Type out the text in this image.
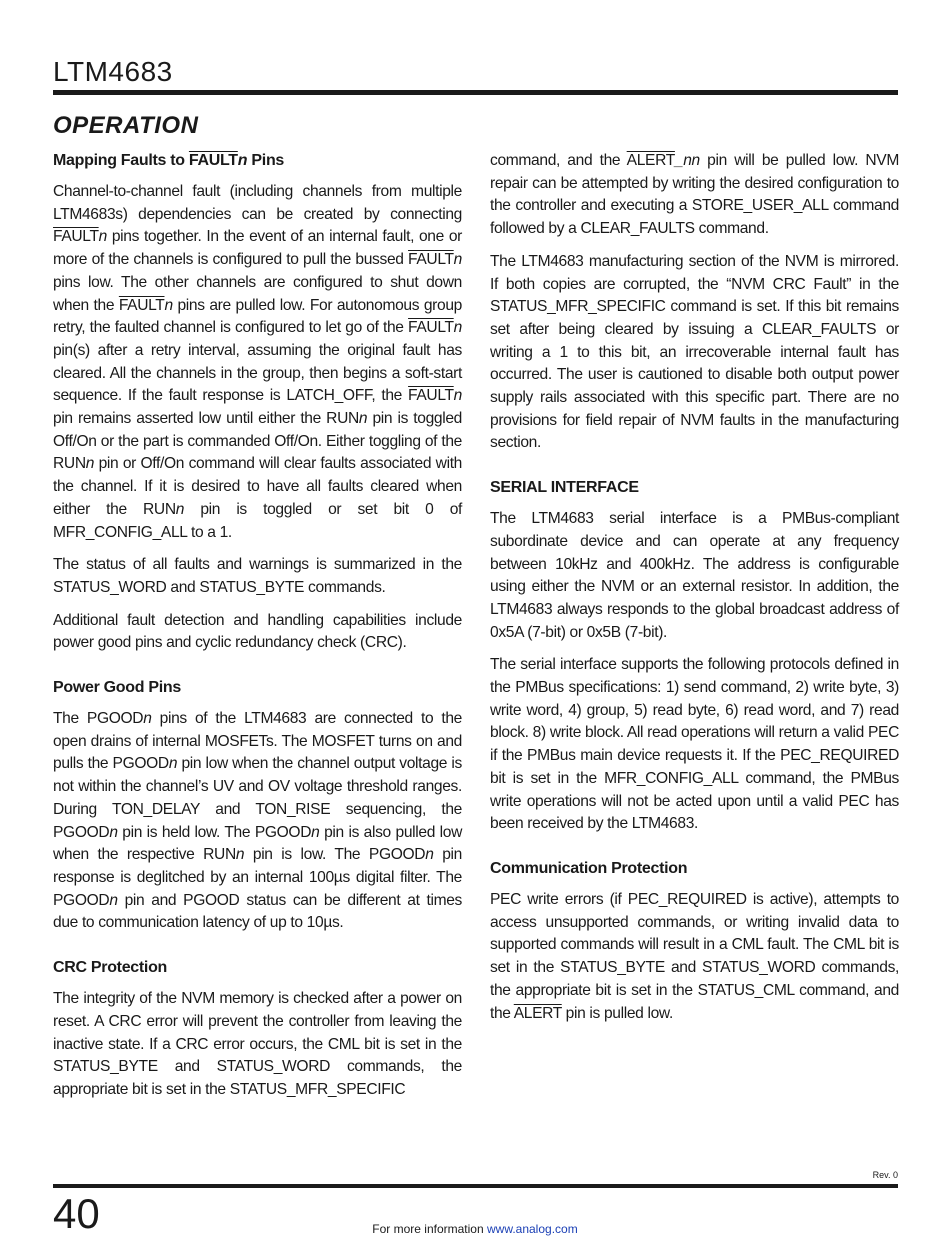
LTM4683
OPERATION
Mapping Faults to FAULTn Pins

Channel-to-channel fault (including channels from multiple LTM4683s) dependencies can be created by connecting FAULTn pins together. In the event of an internal fault, one or more of the channels is configured to pull the bussed FAULTn pins low. The other channels are configured to shut down when the FAULTn pins are pulled low. For autonomous group retry, the faulted channel is configured to let go of the FAULTn pin(s) after a retry interval, assuming the original fault has cleared. All the channels in the group, then begins a soft-start sequence. If the fault response is LATCH_OFF, the FAULTn pin remains asserted low until either the RUNn pin is toggled Off/On or the part is commanded Off/On. Either toggling of the RUNn pin or Off/On command will clear faults associated with the channel. If it is desired to have all faults cleared when either the RUNn pin is toggled or set bit 0 of MFR_CONFIG_ALL to a 1.

The status of all faults and warnings is summarized in the STATUS_WORD and STATUS_BYTE commands.

Additional fault detection and handling capabilities include power good pins and cyclic redundancy check (CRC).

Power Good Pins

The PGOODn pins of the LTM4683 are connected to the open drains of internal MOSFETs. The MOSFET turns on and pulls the PGOODn pin low when the channel output voltage is not within the channel’s UV and OV voltage threshold ranges. During TON_DELAY and TON_RISE sequencing, the PGOODn pin is held low. The PGOODn pin is also pulled low when the respective RUNn pin is low. The PGOODn pin response is deglitched by an internal 100µs digital filter. The PGOODn pin and PGOOD status can be different at times due to communication latency of up to 10µs.

CRC Protection

The integrity of the NVM memory is checked after a power on reset. A CRC error will prevent the controller from leaving the inactive state. If a CRC error occurs, the CML bit is set in the STATUS_BYTE and STATUS_WORD commands, the appropriate bit is set in the STATUS_MFR_SPECIFIC

command, and the ALERT_nn pin will be pulled low. NVM repair can be attempted by writing the desired configuration to the controller and executing a STORE_USER_ALL command followed by a CLEAR_FAULTS command.

The LTM4683 manufacturing section of the NVM is mirrored. If both copies are corrupted, the “NVM CRC Fault” in the STATUS_MFR_SPECIFIC command is set. If this bit remains set after being cleared by issuing a CLEAR_FAULTS or writing a 1 to this bit, an irrecoverable internal fault has occurred. The user is cautioned to disable both output power supply rails associated with this specific part. There are no provisions for field repair of NVM faults in the manufacturing section.

SERIAL INTERFACE

The LTM4683 serial interface is a PMBus-compliant subordinate device and can operate at any frequency between 10kHz and 400kHz. The address is configurable using either the NVM or an external resistor. In addition, the LTM4683 always responds to the global broadcast address of 0x5A (7-bit) or 0x5B (7-bit).

The serial interface supports the following protocols defined in the PMBus specifications: 1) send command, 2) write byte, 3) write word, 4) group, 5) read byte, 6) read word, and 7) read block. 8) write block. All read operations will return a valid PEC if the PMBus main device requests it. If the PEC_REQUIRED bit is set in the MFR_CONFIG_ALL command, the PMBus write operations will not be acted upon until a valid PEC has been received by the LTM4683.

Communication Protection

PEC write errors (if PEC_REQUIRED is active), attempts to access unsupported commands, or writing invalid data to supported commands will result in a CML fault. The CML bit is set in the STATUS_BYTE and STATUS_WORD commands, the appropriate bit is set in the STATUS_CML command, and the ALERT pin is pulled low.

Rev. 0
40	For more information www.analog.com
